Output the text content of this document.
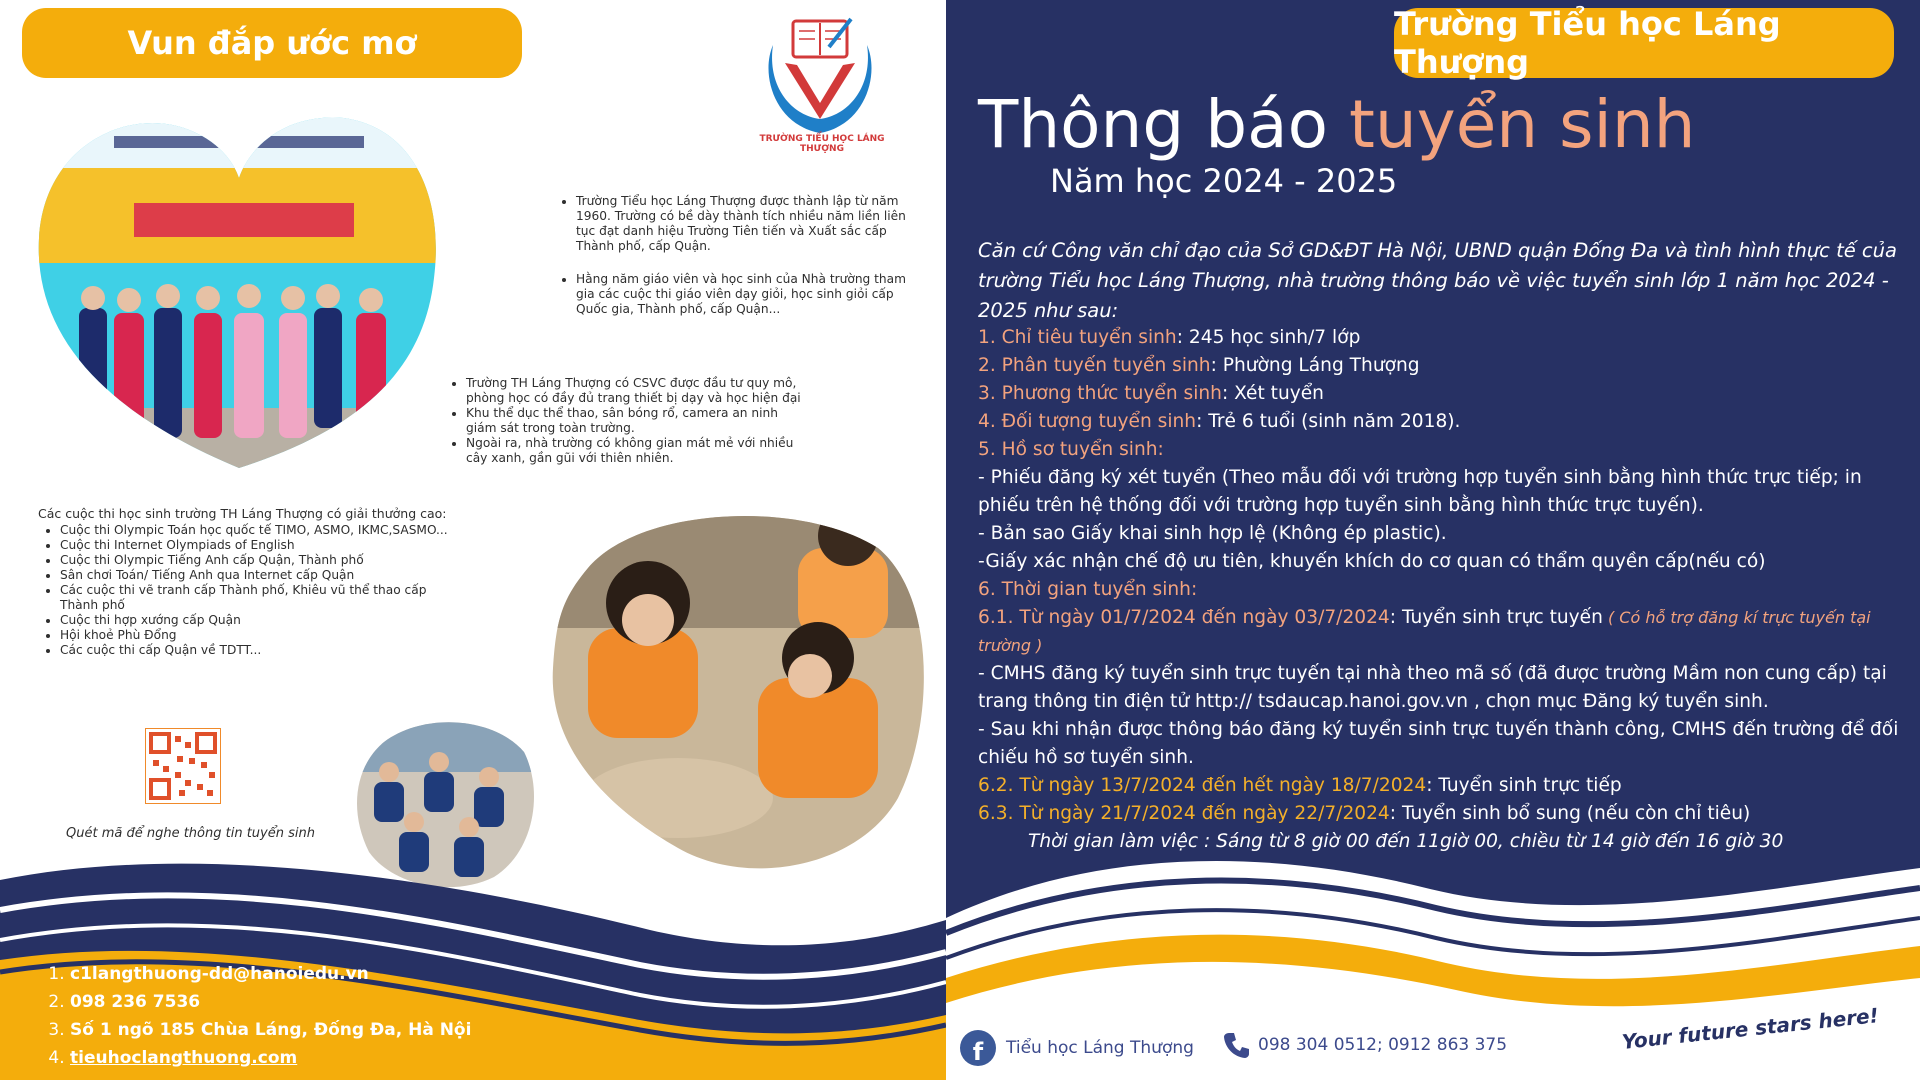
Vun đắp ước mơ
TRƯỜNG TIỂU HỌC LÁNG THƯỢNG
• Trường Tiểu học Láng Thượng được thành lập từ năm 1960. Trường có bề dày thành tích nhiều năm liền liên tục đạt danh hiệu Trường Tiên tiến và Xuất sắc cấp Thành phố, cấp Quận.
• Hằng năm giáo viên và học sinh của Nhà trường tham gia các cuộc thi giáo viên dạy giỏi, học sinh giỏi cấp Quốc gia, Thành phố, cấp Quận...
• Trường TH Láng Thượng có CSVC được đầu tư quy mô, phòng học có đầy đủ trang thiết bị dạy và học hiện đại
• Khu thể dục thể thao, sân bóng rổ, camera an ninh giám sát trong toàn trường.
• Ngoài ra, nhà trường có không gian mát mẻ với nhiều cây xanh, gần gũi với thiên nhiên.
Các cuộc thi học sinh trường TH Láng Thượng có giải thưởng cao:
• Cuộc thi Olympic Toán học quốc tế TIMO, ASMO, IKMC,SASMO...
• Cuộc thi Internet Olympiads of English
• Cuộc thi Olympic Tiếng Anh cấp Quận, Thành phố
• Sân chơi Toán/ Tiếng Anh qua Internet cấp Quận
• Các cuộc thi vẽ tranh cấp Thành phố, Khiêu vũ thể thao cấp Thành phố
• Cuộc thi hợp xướng cấp Quận
• Hội khoẻ Phù Đổng
• Các cuộc thi cấp Quận về TDTT...
Quét mã để nghe thông tin tuyển sinh
1. c1langthuong-dd@hanoiedu.vn
2. 098 236 7536
3. Số 1 ngõ 185 Chùa Láng, Đống Đa, Hà Nội
4. tieuhoclangthuong.com
Trường Tiểu học Láng Thượng
Thông báo tuyển sinh
Năm học 2024 - 2025
Căn cứ Công văn chỉ đạo của Sở GD&ĐT Hà Nội, UBND quận Đống Đa và tình hình thực tế của trường Tiểu học Láng Thượng, nhà trường thông báo về việc tuyển sinh lớp 1 năm học 2024 - 2025 như sau:

1. Chỉ tiêu tuyển sinh: 245 học sinh/7 lớp

2. Phân tuyến tuyển sinh: Phường Láng Thượng

3. Phương thức tuyển sinh: Xét tuyển

4. Đối tượng tuyển sinh: Trẻ 6 tuổi (sinh năm 2018).

5. Hồ sơ tuyển sinh:

- Phiếu đăng ký xét tuyển (Theo mẫu đối với trường hợp tuyển sinh bằng hình thức trực tiếp; in phiếu trên hệ thống đối với trường hợp tuyển sinh bằng hình thức trực tuyến).

- Bản sao Giấy khai sinh hợp lệ (Không ép plastic).

-Giấy xác nhận chế độ ưu tiên, khuyến khích do cơ quan có thẩm quyền cấp(nếu có)

6. Thời gian tuyển sinh:

6.1. Từ ngày 01/7/2024 đến ngày 03/7/2024: Tuyển sinh trực tuyến ( Có hỗ trợ đăng kí trực tuyến tại trường )

- CMHS đăng ký tuyển sinh trực tuyến tại nhà theo mã số (đã được trường Mầm non cung cấp) tại trang thông tin điện tử http:// tsdaucap.hanoi.gov.vn , chọn mục Đăng ký tuyển sinh.

- Sau khi nhận được thông báo đăng ký tuyển sinh trực tuyến thành công, CMHS đến trường để đối chiếu hồ sơ tuyển sinh.

6.2. Từ ngày 13/7/2024 đến hết ngày 18/7/2024: Tuyển sinh trực tiếp

6.3. Từ ngày 21/7/2024 đến ngày 22/7/2024: Tuyển sinh bổ sung (nếu còn chỉ tiêu)

Thời gian làm việc : Sáng từ 8 giờ 00 đến 11giờ 00, chiều từ 14 giờ đến 16 giờ 30

f	Tiểu học Láng Thượng	098 304 0512; 0912 863 375	Your future stars here!
